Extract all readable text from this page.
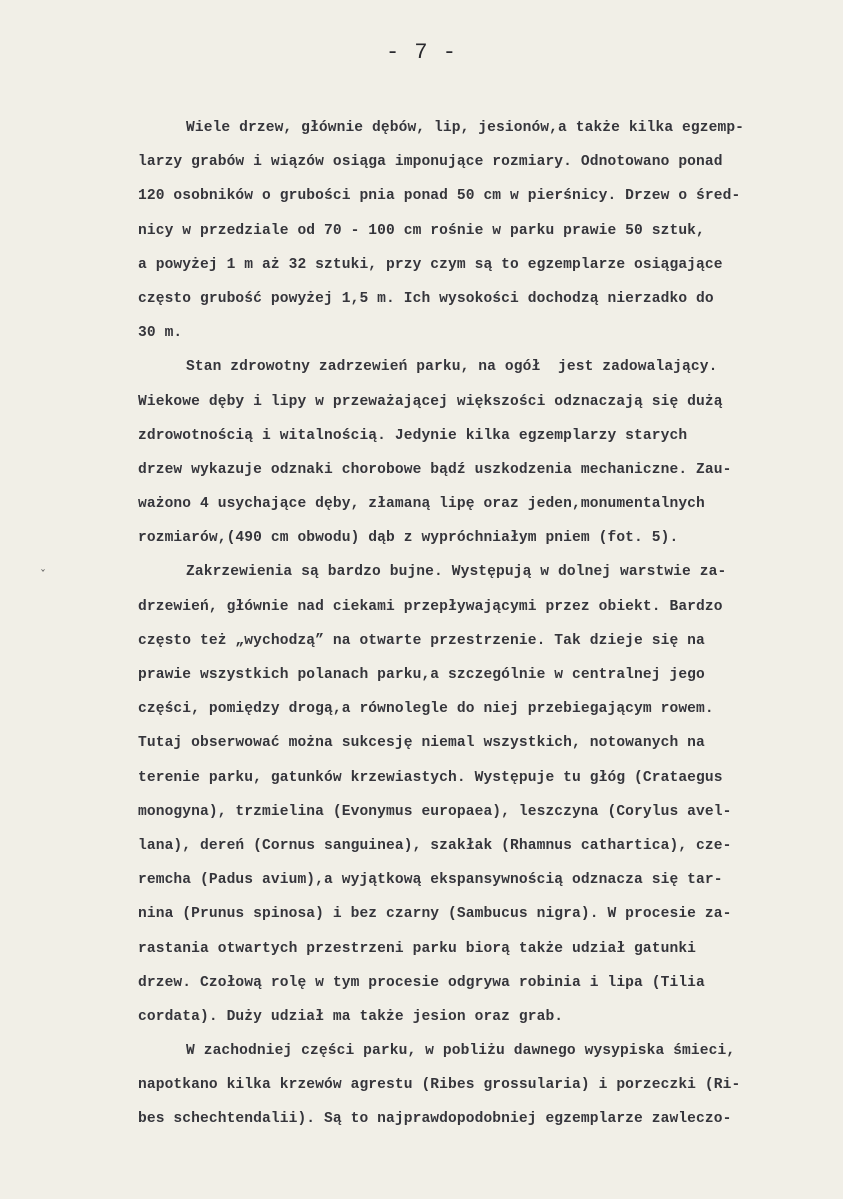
- 7 -
ˇ
Wiele drzew, głównie dębów, lip, jesionów,a także kilka egzemp-
larzy grabów i wiązów osiąga imponujące rozmiary. Odnotowano ponad
120 osobników o grubości pnia ponad 50 cm w pierśnicy. Drzew o śred-
nicy w przedziale od 70 - 100 cm rośnie w parku prawie 50 sztuk,
a powyżej 1 m aż 32 sztuki, przy czym są to egzemplarze osiągające
często grubość powyżej 1,5 m. Ich wysokości dochodzą nierzadko do
30 m.
Stan zdrowotny zadrzewień parku, na ogół  jest zadowalający.
Wiekowe dęby i lipy w przeważającej większości odznaczają się dużą
zdrowotnością i witalnością. Jedynie kilka egzemplarzy starych
drzew wykazuje odznaki chorobowe bądź uszkodzenia mechaniczne. Zau-
ważono 4 usychające dęby, złamaną lipę oraz jeden,monumentalnych
rozmiarów,(490 cm obwodu) dąb z wypróchniałym pniem (fot. 5).
Zakrzewienia są bardzo bujne. Występują w dolnej warstwie za-
drzewień, głównie nad ciekami przepływającymi przez obiekt. Bardzo
często też „wychodzą” na otwarte przestrzenie. Tak dzieje się na
prawie wszystkich polanach parku,a szczególnie w centralnej jego
części, pomiędzy drogą,a równolegle do niej przebiegającym rowem.
Tutaj obserwować można sukcesję niemal wszystkich, notowanych na
terenie parku, gatunków krzewiastych. Występuje tu głóg (Crataegus
monogyna), trzmielina (Evonymus europaea), leszczyna (Corylus avel-
lana), dereń (Cornus sanguinea), szakłak (Rhamnus cathartica), cze-
remcha (Padus avium),a wyjątkową ekspansywnością odznacza się tar-
nina (Prunus spinosa) i bez czarny (Sambucus nigra). W procesie za-
rastania otwartych przestrzeni parku biorą także udział gatunki
drzew. Czołową rolę w tym procesie odgrywa robinia i lipa (Tilia
cordata). Duży udział ma także jesion oraz grab.
W zachodniej części parku, w pobliżu dawnego wysypiska śmieci,
napotkano kilka krzewów agrestu (Ribes grossularia) i porzeczki (Ri-
bes schechtendalii). Są to najprawdopodobniej egzemplarze zawleczo-
